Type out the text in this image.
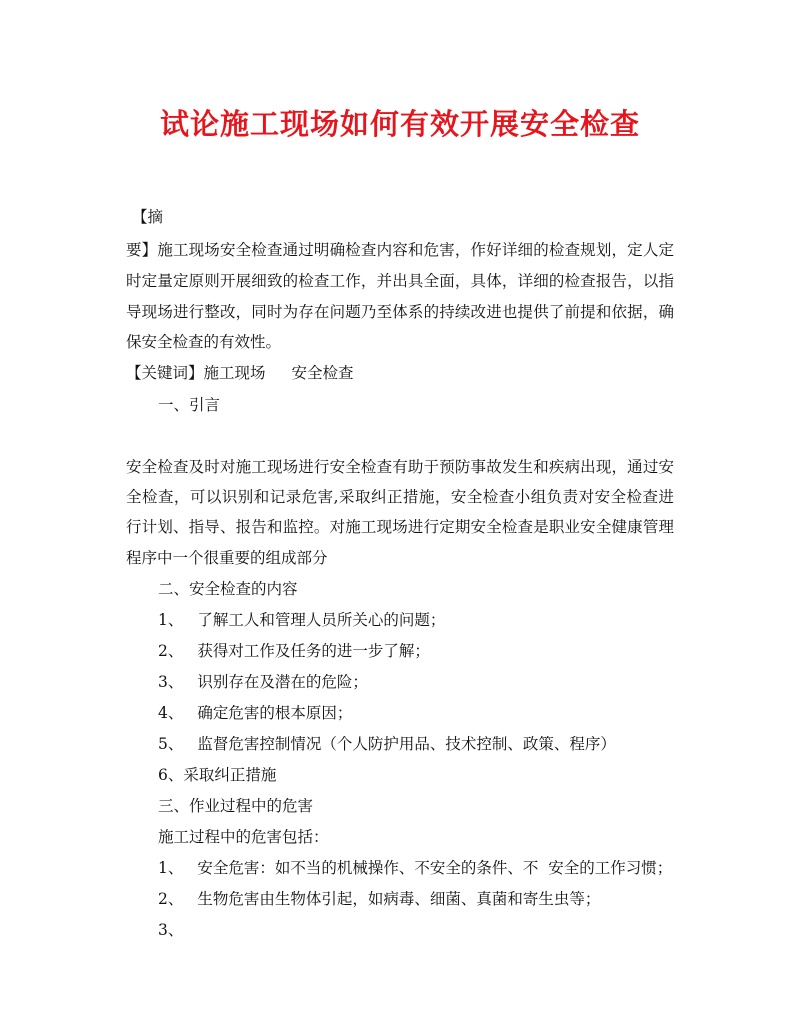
试论施工现场如何有效开展安全检查
【摘
要】施工现场安全检查通过明确检查内容和危害，作好详细的检查规划，定人定
时定量定原则开展细致的检查工作，并出具全面，具体，详细的检查报告，以指
导现场进行整改，同时为存在问题乃至体系的持续改进也提供了前提和依据，确
保安全检查的有效性。
【关键词】施工现场 安全检查
一、引言
安全检查及时对施工现场进行安全检查有助于预防事故发生和疾病出现，通过安
全检查，可以识别和记录危害,采取纠正措施，安全检查小组负责对安全检查进
行计划、指导、报告和监控。对施工现场进行定期安全检查是职业安全健康管理
程序中一个很重要的组成部分
二、安全检查的内容
1、 了解工人和管理人员所关心的问题；
2、 获得对工作及任务的进一步了解；
3、 识别存在及潜在的危险；
4、 确定危害的根本原因；
5、 监督危害控制情况（个人防护用品、技术控制、政策、程序）
6、采取纠正措施
三、作业过程中的危害
施工过程中的危害包括：
1、 安全危害：如不当的机械操作、不安全的条件、不  安全的工作习惯；
2、 生物危害由生物体引起，如病毒、细菌、真菌和寄生虫等；
3、
